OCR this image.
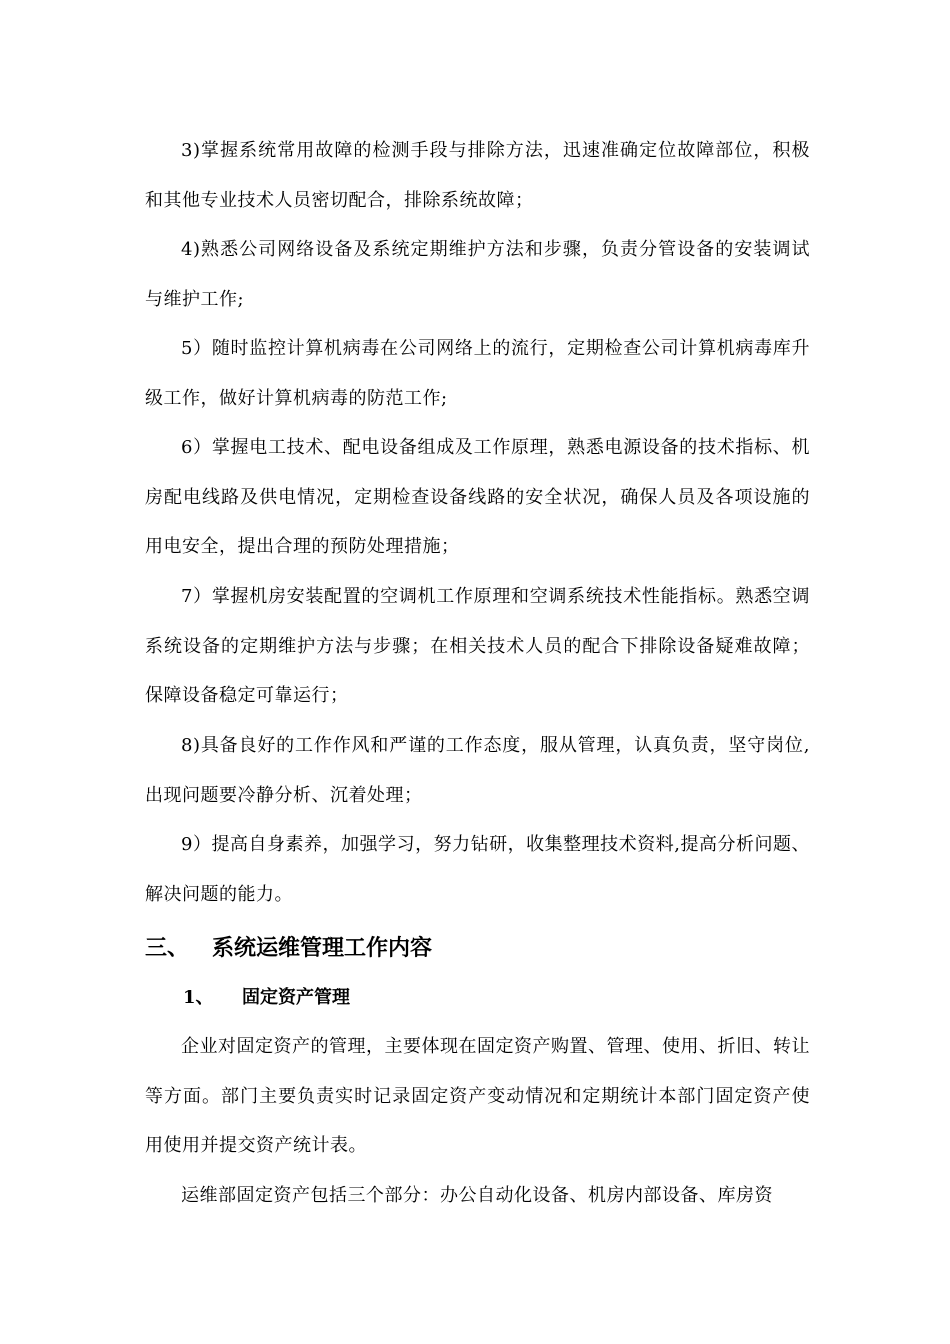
3)掌握系统常用故障的检测手段与排除方法，迅速准确定位故障部位，积极和其他专业技术人员密切配合，排除系统故障；

4)熟悉公司网络设备及系统定期维护方法和步骤，负责分管设备的安装调试与维护工作;

5）随时监控计算机病毒在公司网络上的流行，定期检查公司计算机病毒库升级工作，做好计算机病毒的防范工作;

6）掌握电工技术、配电设备组成及工作原理，熟悉电源设备的技术指标、机房配电线路及供电情况，定期检查设备线路的安全状况，确保人员及各项设施的用电安全，提出合理的预防处理措施；

7）掌握机房安装配置的空调机工作原理和空调系统技术性能指标。熟悉空调系统设备的定期维护方法与步骤；在相关技术人员的配合下排除设备疑难故障；保障设备稳定可靠运行；

8)具备良好的工作作风和严谨的工作态度，服从管理，认真负责，坚守岗位,出现问题要冷静分析、沉着处理；

9）提高自身素养，加强学习，努力钻研，收集整理技术资料,提高分析问题、解决问题的能力。

三、 系统运维管理工作内容
1、 固定资产管理

企业对固定资产的管理，主要体现在固定资产购置、管理、使用、折旧、转让等方面。部门主要负责实时记录固定资产变动情况和定期统计本部门固定资产使用使用并提交资产统计表。

运维部固定资产包括三个部分：办公自动化设备、机房内部设备、库房资
